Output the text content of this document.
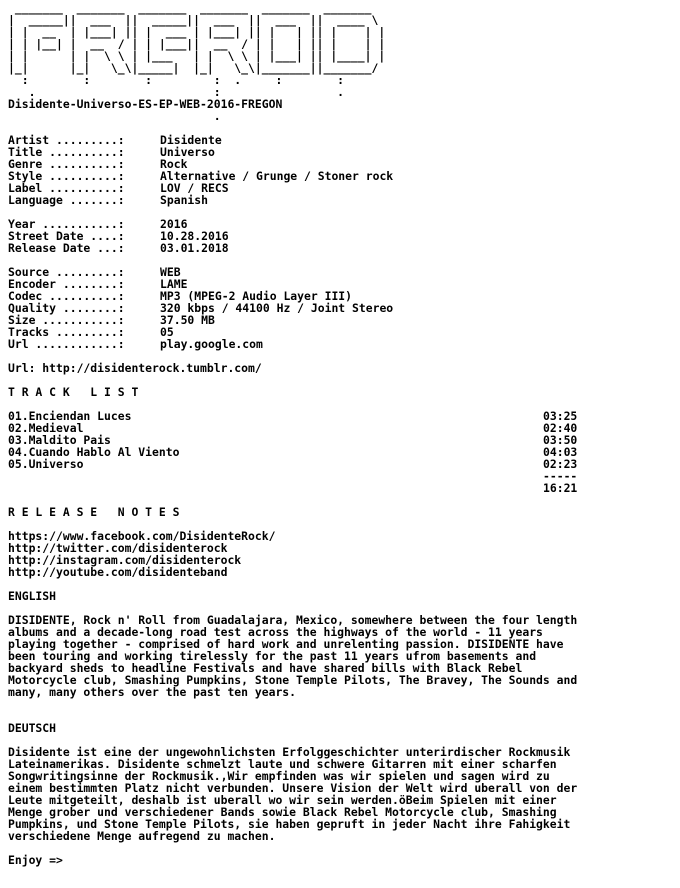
_______  _______  _______  _______  _______  _______
|  _____||  ___  ||  _____||  ___  ||  ___  ||  ____ \
| |  __  | |___| || |  ___ | |___| || |   | || |    | |
| | |__| |  __  / | | |___||  __  / | |   | || |    | |
| |      | |  \ \ | |___   | |  \ \ | |___| || |____| |
|_|      |_|   \_\|_____|  |_|   \_\|_______||_______/
:        :        :         :  .     :        :
.                          :                 .
Disidente-Universo-ES-EP-WEB-2016-FREGON
.
Artist .........:	Disidente
Title ..........:	Universo
Genre ..........:	Rock
Style ..........:	Alternative / Grunge / Stoner rock
Label ..........:	LOV / RECS
Language .......:	Spanish
Year ...........:	2016
Street Date ....:	10.28.2016
Release Date ...:	03.01.2018
Source .........:	WEB
Encoder ........:	LAME
Codec ..........:	MP3 (MPEG-2 Audio Layer III)
Quality ........:	320 kbps / 44100 Hz / Joint Stereo
Size ...........:	37.50 MB
Tracks .........:	05
Url ............:	play.google.com
Url: http://disidenterock.tumblr.com/
T R A C K   L I S T
01.Enciendan Luces	03:25
02.Medieval	02:40
03.Maldito Pais	03:50
04.Cuando Hablo Al Viento	04:03
05.Universo	02:23

-----

16:21

R E L E A S E   N O T E S
https://www.facebook.com/DisidenteRock/
http://twitter.com/disidenterock
http://instagram.com/disidenterock
http://youtube.com/disidenteband
ENGLISH
DISIDENTE, Rock n' Roll from Guadalajara, Mexico, somewhere between the four length
albums and a decade-long road test across the highways of the world - 11 years
playing together - comprised of hard work and unrelenting passion. DISIDENTE have
been touring and working tirelessly for the past 11 years ufrom basements and
backyard sheds to headline Festivals and have shared bills with Black Rebel
Motorcycle club, Smashing Pumpkins, Stone Temple Pilots, The Bravey, The Sounds and
many, many others over the past ten years.
DEUTSCH
Disidente ist eine der ungewohnlichsten Erfolggeschichter unterirdischer Rockmusik
Lateinamerikas. Disidente schmelzt laute und schwere Gitarren mit einer scharfen
Songwritingsinne der Rockmusik.,Wir empfinden was wir spielen und sagen wird zu
einem bestimmten Platz nicht verbunden. Unsere Vision der Welt wird uberall von der
Leute mitgeteilt, deshalb ist uberall wo wir sein werden.öBeim Spielen mit einer
Menge grober und verschiedener Bands sowie Black Rebel Motorcycle club, Smashing
Pumpkins, und Stone Temple Pilots, sie haben gepruft in jeder Nacht ihre Fahigkeit
verschiedene Menge aufregend zu machen.
Enjoy =>
